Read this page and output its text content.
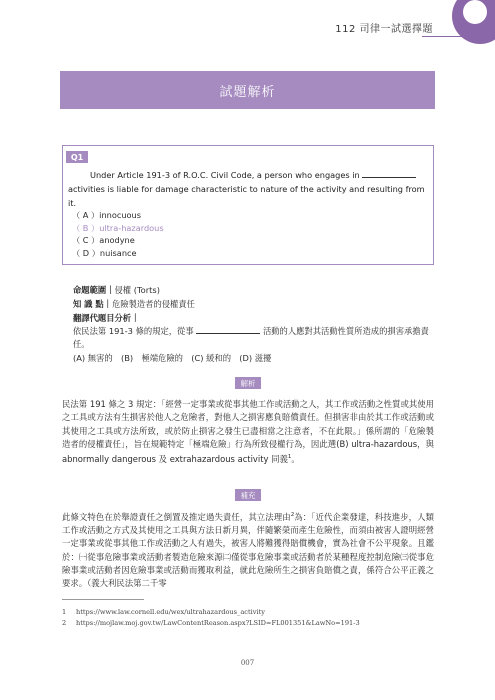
112 司律一試選擇題
試題解析
Q1
Under Article 191-3 of R.O.C. Civil Code, a person who engages in  activities is liable for damage characteristic to nature of the activity and resulting from it.
（ A ）innocuous
（ B ）ultra-hazardous
（ C ）anodyne
（ D ）nuisance
命題範圍｜侵權 (Torts)
知 識 點｜危險製造者的侵權責任
翻譯代題目分析｜
依民法第 191-3 條的規定，從事	活動的人應對其活動性質所造成的損害承擔責任。
(A) 無害的　(B)　極端危險的　(C) 緩和的　(D) 滋擾
解析
民法第 191 條之 3 規定：「經營一定事業或從事其他工作或活動之人，其工作或活動之性質或其使用之工具或方法有生損害於他人之危險者，對他人之損害應負賠償責任。但損害非由於其工作或活動或其使用之工具或方法所致，或於防止損害之發生已盡相當之注意者，不在此限。」係所謂的「危險製造者的侵權責任」，旨在規範特定「極端危險」行為所致侵權行為，因此選(B) ultra-hazardous，與 abnormally dangerous 及 extrahazardous activity 同義$^1$。
補充
此條文特色在於舉證責任之倒置及推定過失責任，其立法理由$^2$為：「近代企業發達，科技進步，人類工作或活動之方式及其使用之工具與方法日新月異，伴隨繁榮而產生危險性，而須由被害人證明經營一定事業或從事其他工作或活動之人有過失，被害人將難獲得賠償機會，實為社會不公平現象。且鑑於：㈠從事危險事業或活動者製造危險來源㈡僅從事危險事業或活動者於某種程度控制危險㈢從事危險事業或活動者因危險事業或活動而獲取利益，就此危險所生之損害負賠償之責，係符合公平正義之要求。（義大利民法第二千零
1 https://www.law.cornell.edu/wex/ultrahazardous_activity
2 https://mojlaw.moj.gov.tw/LawContentReason.aspx?LSID=FL001351&LawNo=191-3
007
